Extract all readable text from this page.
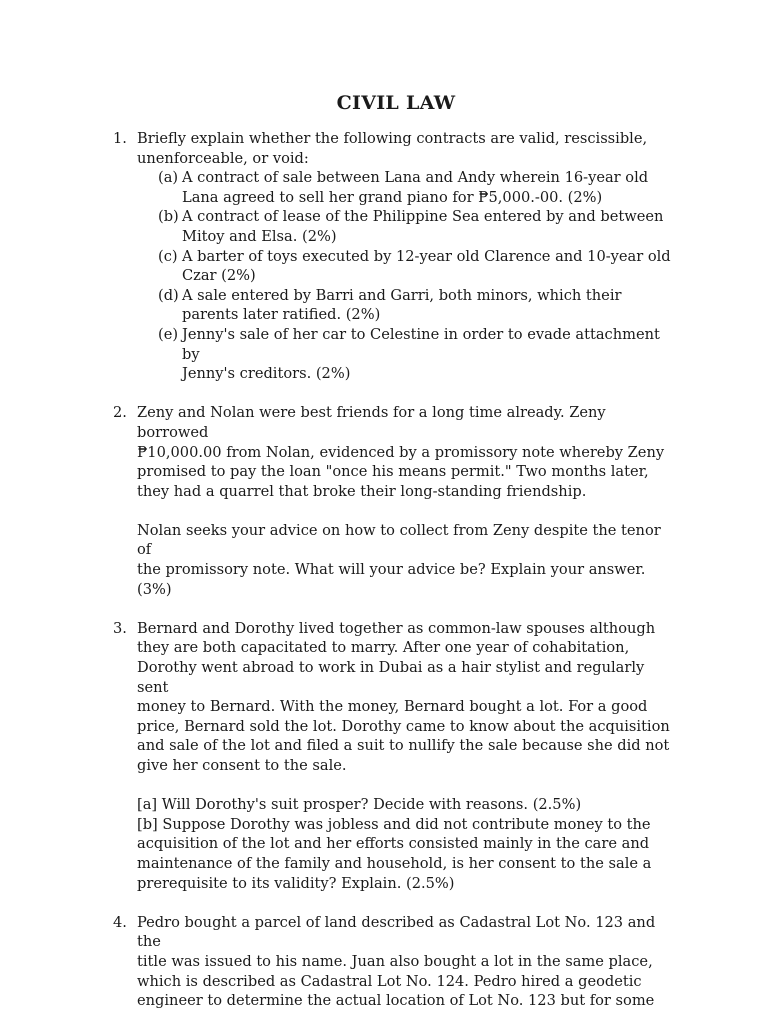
CIVIL LAW
1. Briefly explain whether the following contracts are valid, rescissible,
unenforceable, or void:
(a) A contract of sale between Lana and Andy wherein 16-year old
Lana agreed to sell her grand piano for ₱5,000.-00. (2%)
(b) A contract of lease of the Philippine Sea entered by and between
Mitoy and Elsa. (2%)
(c) A barter of toys executed by 12-year old Clarence and 10-year old
Czar (2%)
(d) A sale entered by Barri and Garri, both minors, which their
parents later ratified. (2%)
(e) Jenny's sale of her car to Celestine in order to evade attachment by
Jenny's creditors. (2%)
2. Zeny and Nolan were best friends for a long time already. Zeny borrowed
₱10,000.00 from Nolan, evidenced by a promissory note whereby Zeny
promised to pay the loan "once his means permit." Two months later,
they had a quarrel that broke their long-standing friendship.
Nolan seeks your advice on how to collect from Zeny despite the tenor of
the promissory note. What will your advice be? Explain your answer.
(3%)
3. Bernard and Dorothy lived together as common-law spouses although
they are both capacitated to marry. After one year of cohabitation,
Dorothy went abroad to work in Dubai as a hair stylist and regularly sent
money to Bernard. With the money, Bernard bought a lot. For a good
price, Bernard sold the lot. Dorothy came to know about the acquisition
and sale of the lot and filed a suit to nullify the sale because she did not
give her consent to the sale.
[a] Will Dorothy's suit prosper? Decide with reasons. (2.5%)
[b] Suppose Dorothy was jobless and did not contribute money to the
acquisition of the lot and her efforts consisted mainly in the care and
maintenance of the family and household, is her consent to the sale a
prerequisite to its validity? Explain. (2.5%)
4. Pedro bought a parcel of land described as Cadastral Lot No. 123 and the
title was issued to his name. Juan also bought a lot in the same place,
which is described as Cadastral Lot No. 124. Pedro hired a geodetic
engineer to determine the actual location of Lot No. 123 but for some
